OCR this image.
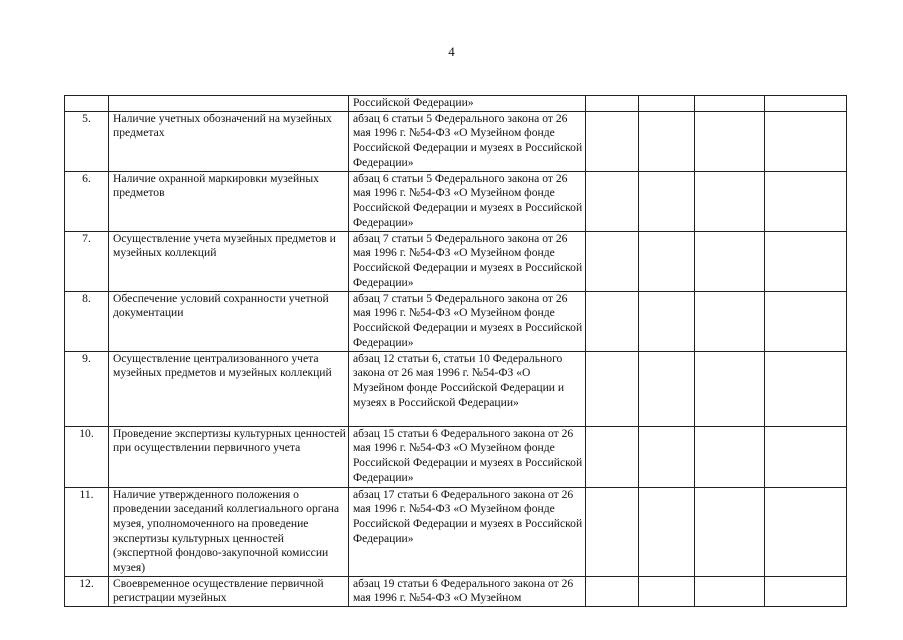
4
		Российской Федерации»				
5.	Наличие учетных обозначений на музейных предметах	абзац 6 статьи 5 Федерального закона от 26 мая 1996 г. №54-ФЗ «О Музейном фонде Российской Федерации и музеях в Российской Федерации»				
6.	Наличие охранной маркировки музейных предметов	абзац 6 статьи 5 Федерального закона от 26 мая 1996 г. №54-ФЗ «О Музейном фонде Российской Федерации и музеях в Российской Федерации»				
7.	Осуществление учета музейных предметов и музейных коллекций	абзац 7 статьи 5 Федерального закона от 26 мая 1996 г. №54-ФЗ «О Музейном фонде Российской Федерации и музеях в Российской Федерации»				
8.	Обеспечение условий сохранности учетной документации	абзац 7 статьи 5 Федерального закона от 26 мая 1996 г. №54-ФЗ «О Музейном фонде Российской Федерации и музеях в Российской Федерации»				
9.	Осуществление централизованного учета музейных предметов и музейных коллекций	абзац 12 статьи 6, статьи 10 Федерального закона от 26 мая 1996 г. №54-ФЗ «О Музейном фонде Российской Федерации и музеях в Российской Федерации»				
10.	Проведение экспертизы культурных ценностей при осуществлении первичного учета	абзац 15 статьи 6 Федерального закона от 26 мая 1996 г. №54-ФЗ «О Музейном фонде Российской Федерации и музеях в Российской Федерации»				
11.	Наличие утвержденного положения о проведении заседаний коллегиального органа музея, уполномоченного на проведение экспертизы культурных ценностей (экспертной фондово-закупочной комиссии музея)	абзац 17 статьи 6 Федерального закона от 26 мая 1996 г. №54-ФЗ «О Музейном фонде Российской Федерации и музеях в Российской Федерации»				
12.	Своевременное осуществление первичной регистрации музейных	абзац 19 статьи 6 Федерального закона от 26 мая 1996 г. №54-ФЗ «О Музейном				
